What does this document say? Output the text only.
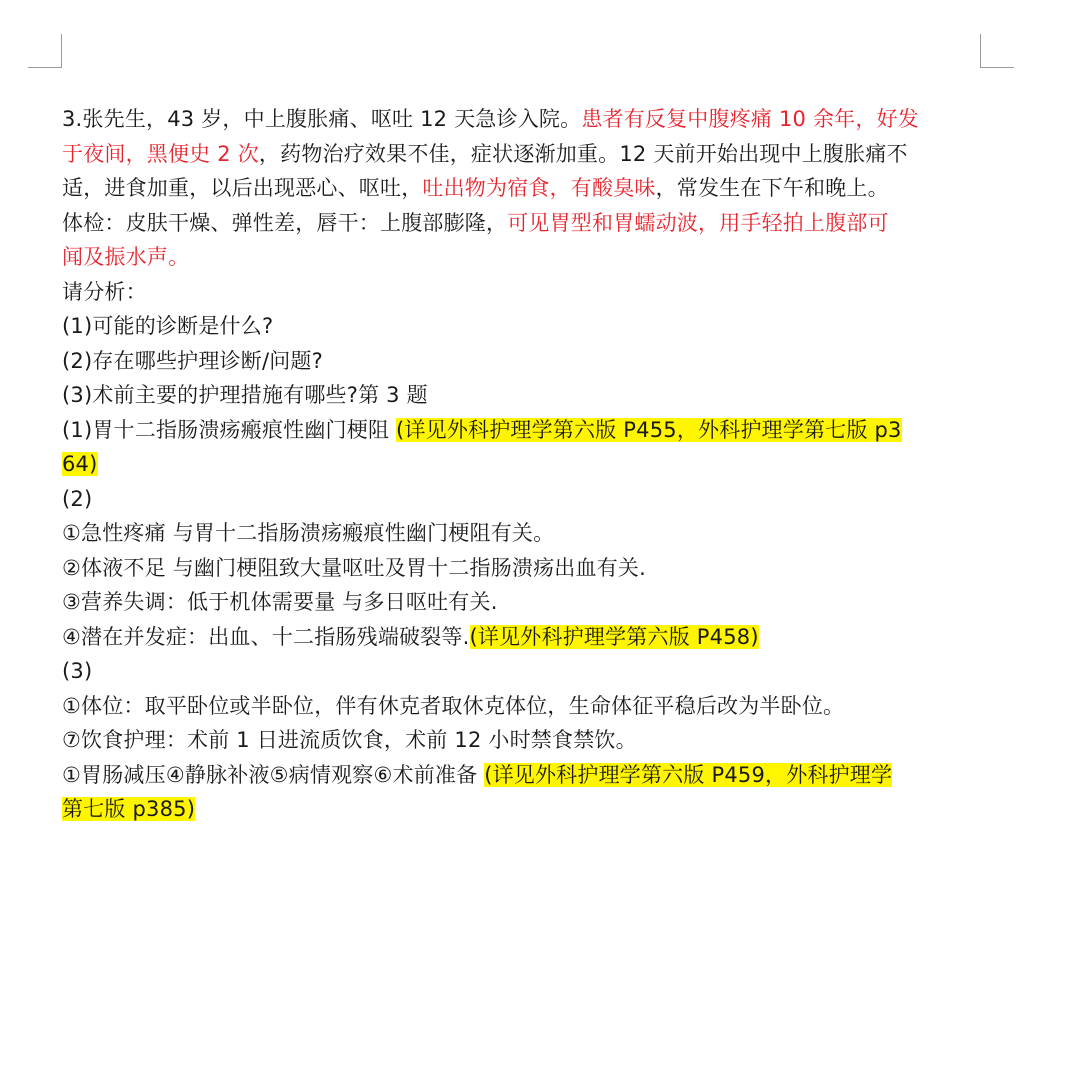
3.张先生，43 岁，中上腹胀痛、呕吐 12 天急诊入院。患者有反复中腹疼痛 10 余年，好发
于夜间，黑便史 2 次，药物治疗效果不佳，症状逐渐加重。12 天前开始出现中上腹胀痛不
适，进食加重，以后出现恶心、呕吐，吐出物为宿食，有酸臭味，常发生在下午和晚上。
体检：皮肤干燥、弹性差，唇干：上腹部膨隆，可见胃型和胃蠕动波，用手轻拍上腹部可
闻及振水声。
请分析：
(1)可能的诊断是什么?
(2)存在哪些护理诊断/问题?
(3)术前主要的护理措施有哪些?第 3 题
(1)胃十二指肠溃疡瘢痕性幽门梗阻 (详见外科护理学第六版 P455，外科护理学第七版 p3
64)
(2)
①急性疼痛 与胃十二指肠溃疡瘢痕性幽门梗阻有关。
②体液不足 与幽门梗阻致大量呕吐及胃十二指肠溃疡出血有关.
③营养失调：低于机体需要量 与多日呕吐有关.
④潜在并发症：出血、十二指肠残端破裂等.(详见外科护理学第六版 P458)
(3)
①体位：取平卧位或半卧位，伴有休克者取休克体位，生命体征平稳后改为半卧位。
⑦饮食护理：术前 1 日进流质饮食，术前 12 小时禁食禁饮。
①胃肠减压④静脉补液⑤病情观察⑥术前准备 (详见外科护理学第六版 P459，外科护理学
第七版 p385)
